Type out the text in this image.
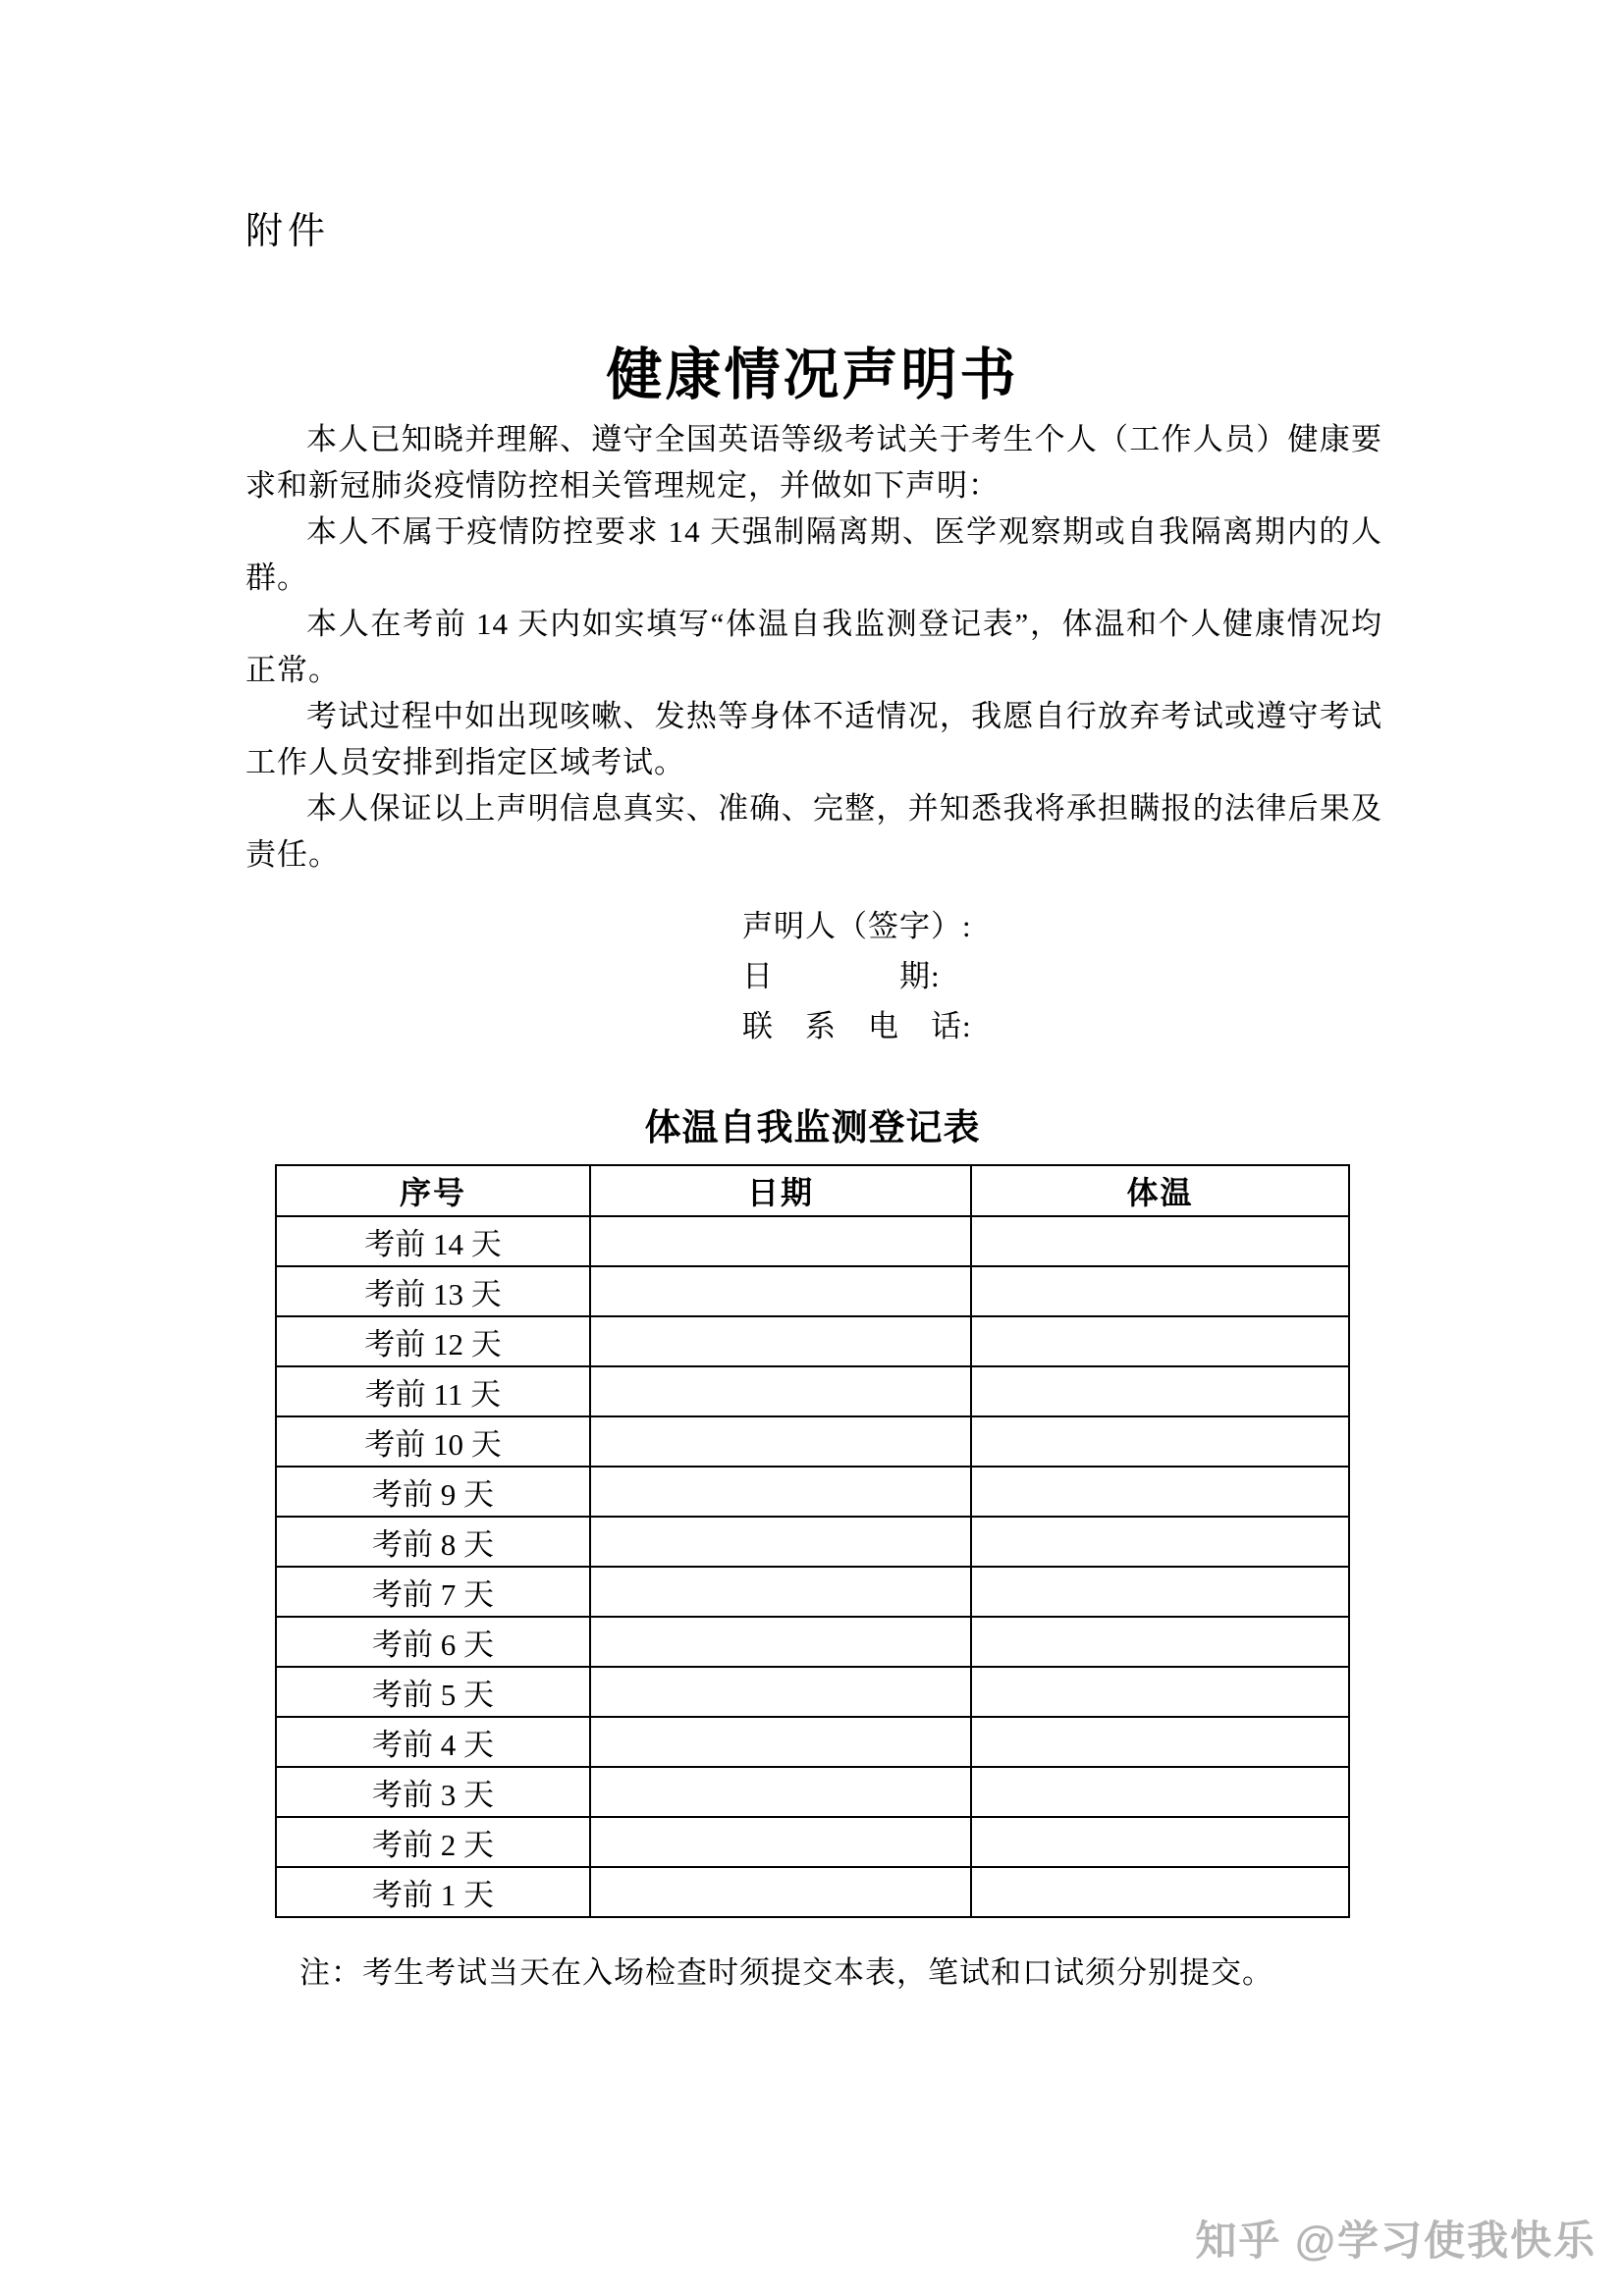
附件
健康情况声明书

本人已知晓并理解、遵守全国英语等级考试关于考生个人（工作人员）健康要求和新冠肺炎疫情防控相关管理规定，并做如下声明：

本人不属于疫情防控要求 14 天强制隔离期、医学观察期或自我隔离期内的人群。

本人在考前 14 天内如实填写“体温自我监测登记表”，体温和个人健康情况均正常。

考试过程中如出现咳嗽、发热等身体不适情况，我愿自行放弃考试或遵守考试工作人员安排到指定区域考试。

本人保证以上声明信息真实、准确、完整，并知悉我将承担瞒报的法律后果及责任。

声明人（签字）:
日　　　　期:
联　系　电　话:
体温自我监测登记表
序号	日期	体温
考前 14 天		
考前 13 天		
考前 12 天		
考前 11 天		
考前 10 天		
考前 9 天		
考前 8 天		
考前 7 天		
考前 6 天		
考前 5 天		
考前 4 天		
考前 3 天		
考前 2 天		
考前 1 天		
注：考生考试当天在入场检查时须提交本表，笔试和口试须分别提交。
知乎 @学习使我快乐
